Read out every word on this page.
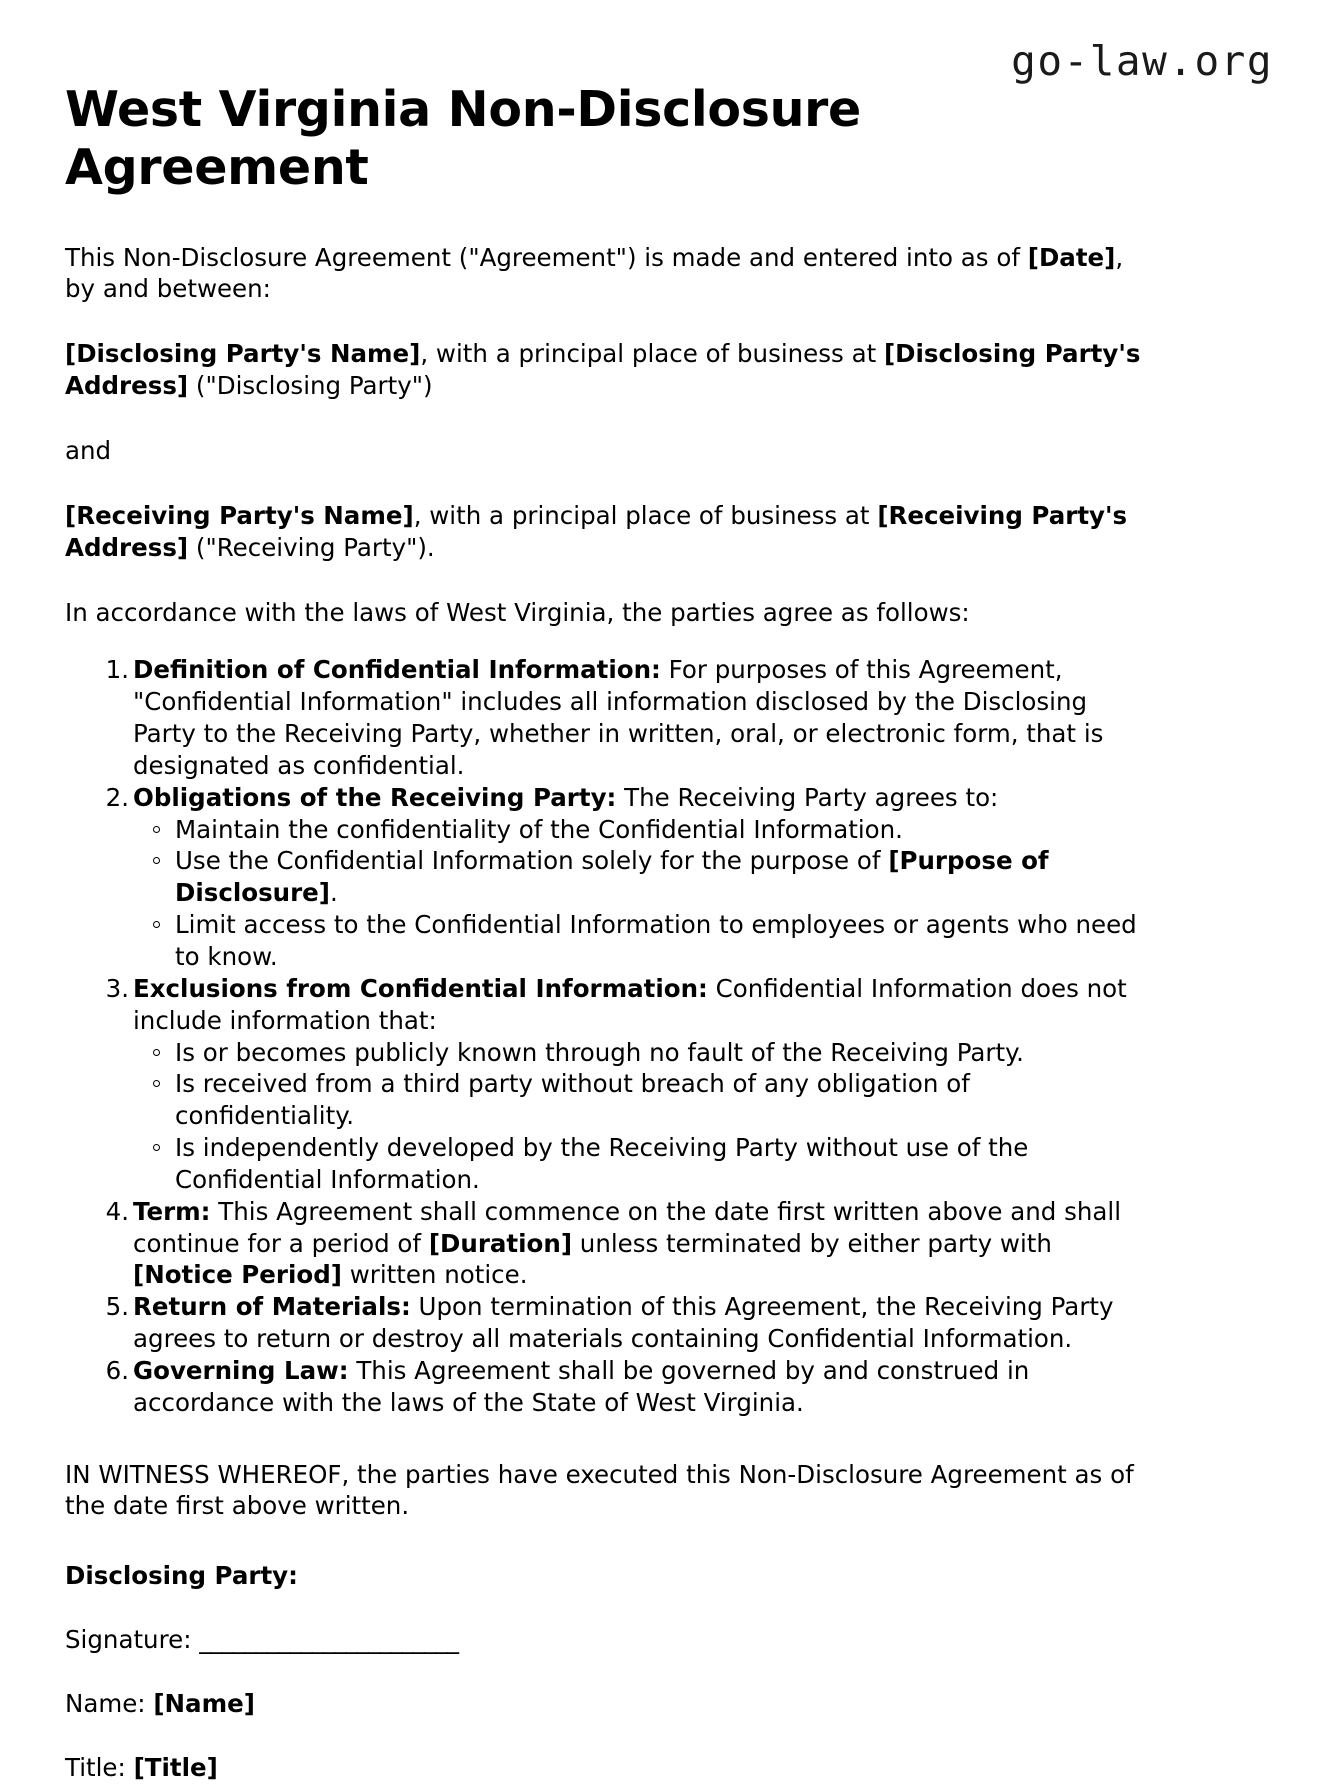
go-law.org
West Virginia Non-Disclosure Agreement

This Non-Disclosure Agreement ("Agreement") is made and entered into as of [Date], by and between:

[Disclosing Party's Name], with a principal place of business at [Disclosing Party's Address] ("Disclosing Party")

and

[Receiving Party's Name], with a principal place of business at [Receiving Party's Address] ("Receiving Party").

In accordance with the laws of West Virginia, the parties agree as follows:

Definition of Confidential Information: For purposes of this Agreement, "Confidential Information" includes all information disclosed by the Disclosing Party to the Receiving Party, whether in written, oral, or electronic form, that is designated as confidential.
Obligations of the Receiving Party: The Receiving Party agrees to:
Maintain the confidentiality of the Confidential Information.
Use the Confidential Information solely for the purpose of [Purpose of Disclosure].
Limit access to the Confidential Information to employees or agents who need to know.
Exclusions from Confidential Information: Confidential Information does not include information that:
Is or becomes publicly known through no fault of the Receiving Party.
Is received from a third party without breach of any obligation of confidentiality.
Is independently developed by the Receiving Party without use of the Confidential Information.
Term: This Agreement shall commence on the date first written above and shall continue for a period of [Duration] unless terminated by either party with [Notice Period] written notice.
Return of Materials: Upon termination of this Agreement, the Receiving Party agrees to return or destroy all materials containing Confidential Information.
Governing Law: This Agreement shall be governed by and construed in accordance with the laws of the State of West Virginia.

IN WITNESS WHEREOF, the parties have executed this Non-Disclosure Agreement as of the date first above written.

Disclosing Party:

Signature: _______________________

Name: [Name]

Title: [Title]
